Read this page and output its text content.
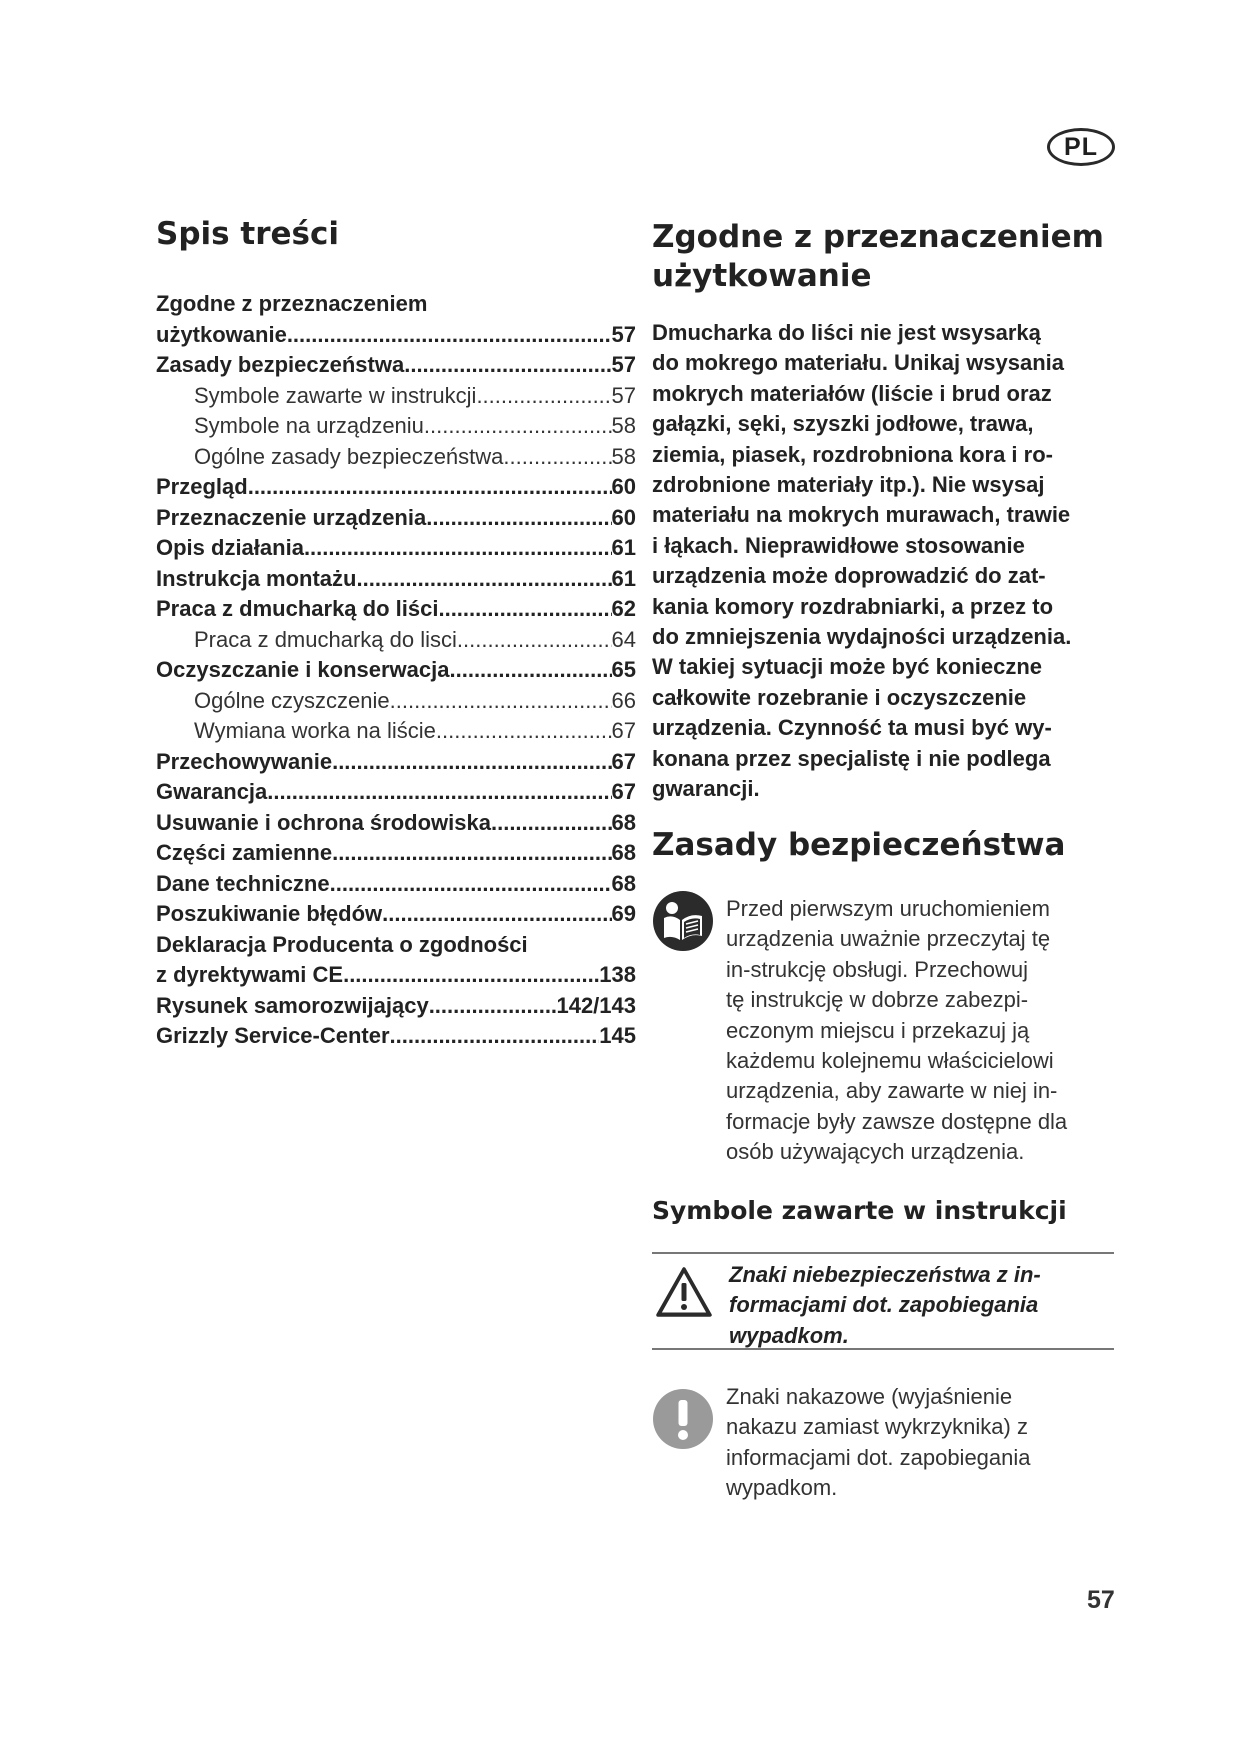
PL
Spis treści
Zgodne z przeznaczeniem
użytkowanie .....	57
Zasady bezpieczeństwa .....	57
Symbole zawarte w instrukcji .....	57
Symbole na urządzeniu .....	58
Ogólne zasady bezpieczeństwa .....	58
Przegląd .....	60
Przeznaczenie urządzenia .....	60
Opis działania .....	61
Instrukcja montażu .....	61
Praca z dmucharką do liści .....	62
Praca z dmucharką do lisci .....	64
Oczyszczanie i konserwacja .....	65
Ogólne czyszczenie .....	66
Wymiana worka na liście .....	67
Przechowywanie .....	67
Gwarancja .....	67
Usuwanie i ochrona środowiska .....	68
Części zamienne .....	68
Dane techniczne .....	68
Poszukiwanie błędów .....	69
Deklaracja Producenta o zgodności
z dyrektywami CE .....	138
Rysunek samorozwijający .....	142/143
Grizzly Service-Center .....	145
Zgodne z przeznaczeniem
użytkowanie
Dmucharka do liści nie jest wsysarką
do mokrego materiału. Unikaj wsysania
mokrych materiałów (liście i brud oraz
gałązki, sęki, szyszki jodłowe, trawa,
ziemia, piasek, rozdrobniona kora i ro-
zdrobnione materiały itp.). Nie wsysaj
materiału na mokrych murawach, trawie
i łąkach. Nieprawidłowe stosowanie
urządzenia może doprowadzić do zat-
kania komory rozdrabniarki, a przez to
do zmniejszenia wydajności urządzenia.
W takiej sytuacji może być konieczne
całkowite rozebranie i oczyszczenie
urządzenia. Czynność ta musi być wy-
konana przez specjalistę i nie podlega
gwarancji.
Zasady bezpieczeństwa
Przed pierwszym uruchomieniem
urządzenia uważnie przeczytaj tę
in-strukcję obsługi. Przechowuj
tę instrukcję w dobrze zabezpi-
eczonym miejscu i przekazuj ją
każdemu kolejnemu właścicielowi
urządzenia, aby zawarte w niej in-
formacje były zawsze dostępne dla
osób używających urządzenia.
Symbole zawarte w instrukcji
Znaki niebezpieczeństwa z in-
formacjami dot. zapobiegania
wypadkom.
Znaki nakazowe (wyjaśnienie
nakazu zamiast wykrzyknika) z
informacjami dot. zapobiegania
wypadkom.
57
